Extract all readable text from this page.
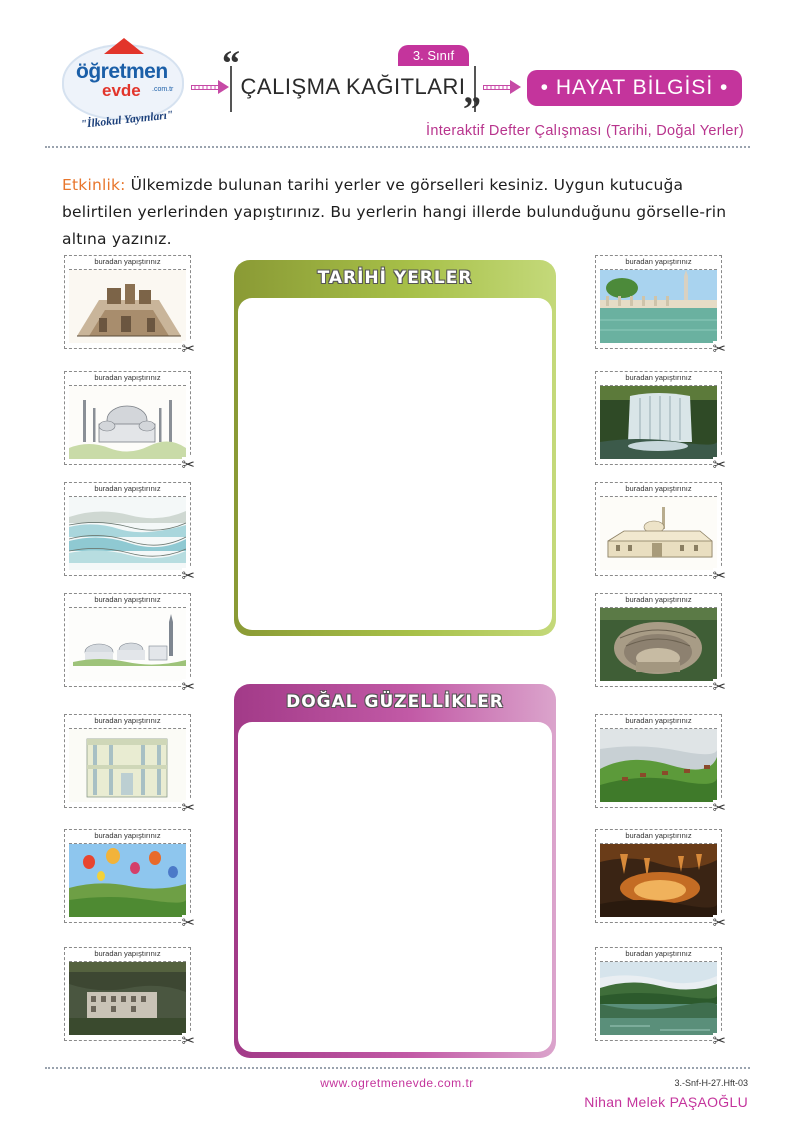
öğretmen
evde .com.tr
"İlkokul Yayınları"
“	3. Sınıf
ÇALIŞMA KAĞITLARI
”
• HAYAT BİLGİSİ •
İnteraktif Defter Çalışması (Tarihi, Doğal Yerler)
Etkinlik: Ülkemizde bulunan tarihi yerler ve görselleri kesiniz. Uygun kutucuğa belirtilen yerlerinden yapıştırınız. Bu yerlerin hangi illerde bulunduğunu görselle-rin altına yazınız.
buradan yapıştırınız
✂
buradan yapıştırınız
✂
buradan yapıştırınız
✂
buradan yapıştırınız
✂
buradan yapıştırınız
✂
buradan yapıştırınız
✂
buradan yapıştırınız
✂
buradan yapıştırınız
✂
buradan yapıştırınız
✂
buradan yapıştırınız
✂
buradan yapıştırınız
✂
buradan yapıştırınız
✂
buradan yapıştırınız
✂
buradan yapıştırınız
✂
TARİHİ YERLER
DOĞAL GÜZELLİKLER
www.ogretmenevde.com.tr	3.-Snf-H-27.Hft-03
Nihan Melek PAŞAOĞLU
